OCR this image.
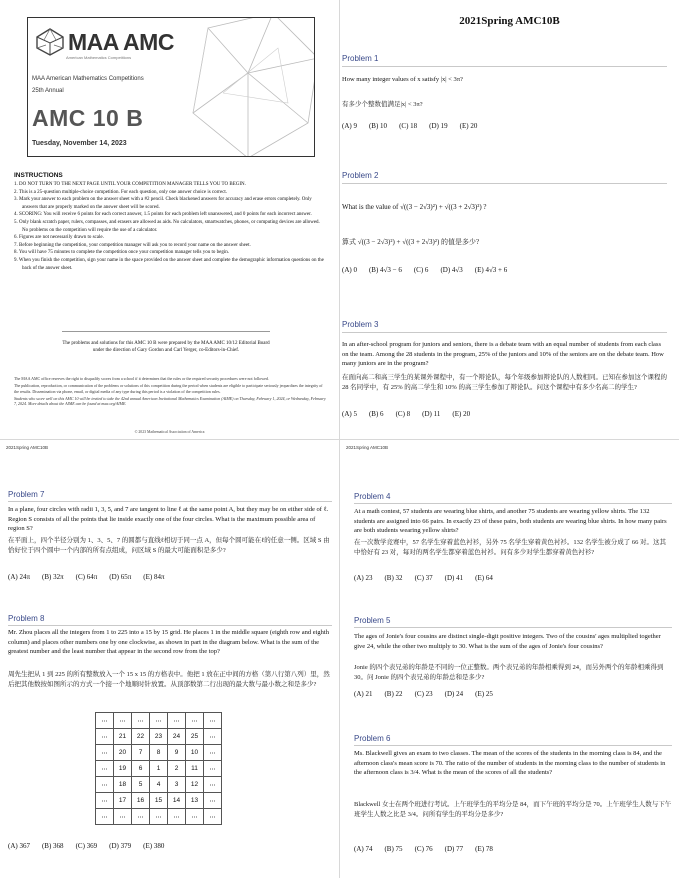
MAA AMC
American Mathematics Competitions
MAA American Mathematics Competitions
25th Annual
AMC 10 B
Tuesday, November 14, 2023
INSTRUCTIONS
1. DO NOT TURN TO THE NEXT PAGE UNTIL YOUR COMPETITION MANAGER TELLS YOU TO BEGIN.
2. This is a 25-question multiple-choice competition. For each question, only one answer choice is correct.
3. Mark your answer to each problem on the answer sheet with a #2 pencil. Check blackened answers for accuracy and erase errors completely. Only answers that are properly marked on the answer sheet will be scored.
4. SCORING: You will receive 6 points for each correct answer, 1.5 points for each problem left unanswered, and 0 points for each incorrect answer.
5. Only blank scratch paper, rulers, compasses, and erasers are allowed as aids. No calculators, smartwatches, phones, or computing devices are allowed. No problems on the competition will require the use of a calculator.
6. Figures are not necessarily drawn to scale.
7. Before beginning the competition, your competition manager will ask you to record your name on the answer sheet.
8. You will have 75 minutes to complete the competition once your competition manager tells you to begin.
9. When you finish the competition, sign your name in the space provided on the answer sheet and complete the demographic information questions on the back of the answer sheet.
The problems and solutions for this AMC 10 B were prepared by the MAA AMC 10/12 Editorial Board under the direction of Gary Gordon and Carl Yerger, co-Editors-in-Chief.

The MAA AMC office reserves the right to disqualify scores from a school if it determines that the rules or the required security procedures were not followed.

The publication, reproduction, or communication of the problems or solutions of this competition during the period when students are eligible to participate seriously jeopardizes the integrity of the results. Dissemination via phone, email, or digital media of any type during this period is a violation of the competition rules.

Students who score well on this AMC 10 will be invited to take the 42nd annual American Invitational Mathematics Examination (AIME) on Thursday, February 1, 2024, or Wednesday, February 7, 2024. More details about the AIME can be found at maa.org/AIME.

© 2023 Mathematical Association of America
2021Spring AMC10B
Problem 1
How many integer values of x satisfy |x| < 3π?
有多少个整数值满足|x| < 3π?
(A) 9 (B) 10 (C) 18 (D) 19 (E) 20
Problem 2
What is the value of √((3 − 2√3)²) + √((3 + 2√3)²) ?
算式 √((3 − 2√3)²) + √((3 + 2√3)²) 的值是多少?
(A) 0 (B) 4√3 − 6 (C) 6 (D) 4√3 (E) 4√3 + 6
Problem 3
In an after-school program for juniors and seniors, there is a debate team with an equal number of students from each class on the team. Among the 28 students in the program, 25% of the juniors and 10% of the seniors are on the debate team. How many juniors are in the program?
在面向高二和高三学生的某课外课程中，有一个辩论队，每个年级参加辩论队的人数相同。已知在参加这个课程的 28 名同学中，有 25% 的高二学生和 10% 的高三学生参加了辩论队。问这个课程中有多少名高二的学生?
(A) 5 (B) 6 (C) 8 (D) 11 (E) 20
2021Spring AMC10B
Problem 7
In a plane, four circles with radii 1, 3, 5, and 7 are tangent to line ℓ at the same point A, but they may be on either side of ℓ. Region S consists of all the points that lie inside exactly one of the four circles. What is the maximum possible area of region S?
在平面上，四个半径分别为 1、3、5、7 的圆都与直线ℓ相切于同一点 A，但每个圆可能在ℓ的任意一侧。区域 S 由恰好位于四个圆中一个内部的所有点组成，问区域 S 的最大可能面积是多少?
(A) 24π (B) 32π (C) 64π (D) 65π (E) 84π
Problem 8
Mr. Zhou places all the integers from 1 to 225 into a 15 by 15 grid. He places 1 in the middle square (eighth row and eighth column) and places other numbers one by one clockwise, as shown in part in the diagram below. What is the sum of the greatest number and the least number that appear in the second row from the top?
周先生把从 1 到 225 的所有整数放入一个 15 x 15 的方格表中。他把 1 放在正中间的方格（第八行第八列）里，然后把其他数按如图所示的方式一个接一个地顺时针放置。从顶部数第二行出现的最大数与最小数之和是多少?
⋯	⋯	⋯	⋯	⋯	⋯	⋯
⋯	21	22	23	24	25	⋯
⋯	20	7	8	9	10	⋯
⋯	19	6	1	2	11	⋯
⋯	18	5	4	3	12	⋯
⋯	17	16	15	14	13	⋯
⋯	⋯	⋯	⋯	⋯	⋯	⋯
(A) 367 (B) 368 (C) 369 (D) 379 (E) 380
2021Spring AMC10B
Problem 4
At a math contest, 57 students are wearing blue shirts, and another 75 students are wearing yellow shirts. The 132 students are assigned into 66 pairs. In exactly 23 of these pairs, both students are wearing blue shirts. In how many pairs are both students wearing yellow shirts?
在一次数学竞赛中，57 名学生穿着蓝色衬衫，另外 75 名学生穿着黄色衬衫。132 名学生被分成了 66 对。这其中恰好有 23 对，每对的两名学生都穿着蓝色衬衫。问有多少对学生都穿着黄色衬衫?
(A) 23 (B) 32 (C) 37 (D) 41 (E) 64
Problem 5
The ages of Jonie's four cousins are distinct single-digit positive integers. Two of the cousins' ages multiplied together give 24, while the other two multiply to 30. What is the sum of the ages of Jonie's four cousins?
Jonie 的四个表兄弟的年龄是不同的一位正整数。两个表兄弟的年龄相乘得到 24，而另外两个的年龄相乘得到 30。问 Jonie 的四个表兄弟的年龄总和是多少?
(A) 21 (B) 22 (C) 23 (D) 24 (E) 25
Problem 6
Ms. Blackwell gives an exam to two classes. The mean of the scores of the students in the morning class is 84, and the afternoon class's mean score is 70. The ratio of the number of students in the morning class to the number of students in the afternoon class is 3/4. What is the mean of the scores of all the students?
Blackwell 女士在两个班进行考试。上午班学生的平均分是 84，而下午班的平均分是 70。上午班学生人数与下午班学生人数之比是 3/4。问所有学生的平均分是多少?
(A) 74 (B) 75 (C) 76 (D) 77 (E) 78
